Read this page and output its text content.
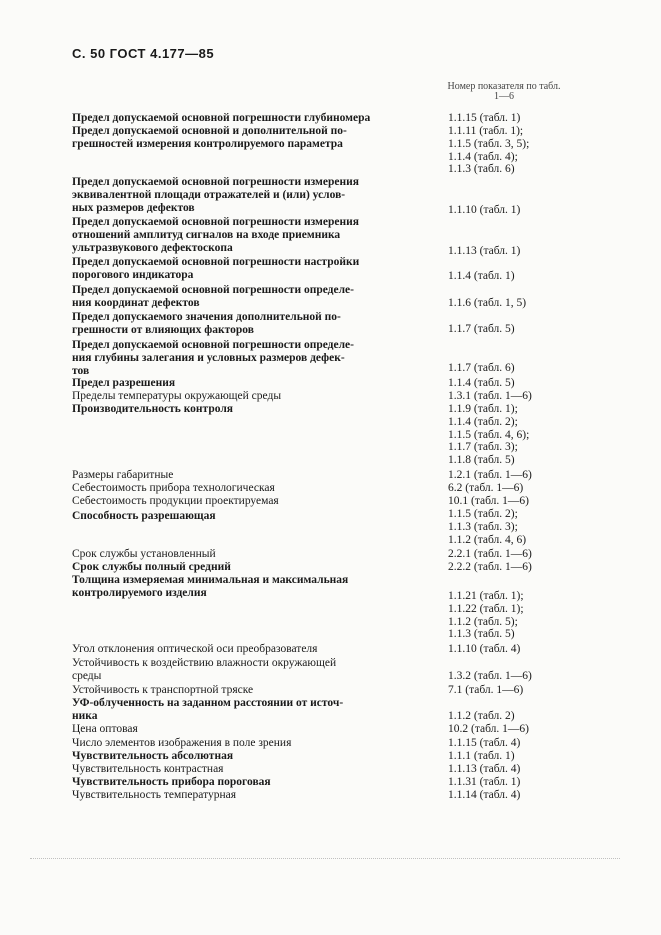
С. 50 ГОСТ 4.177—85
Номер показателя по табл.
1—6
Предел допускаемой основной погрешности глубиномера	1.1.15 (табл. 1)
Предел допускаемой основной и дополнительной по-
грешностей измерения контролируемого параметра
1.1.11 (табл. 1);
1.1.5 (табл. 3, 5);
1.1.4 (табл. 4);
1.1.3 (табл. 6)
Предел допускаемой основной погрешности измерения
эквивалентной площади отражателей и (или) услов-
ных размеров дефектов	1.1.10 (табл. 1)
Предел допускаемой основной погрешности измерения
отношений амплитуд сигналов на входе приемника
ультразвукового дефектоскопа	1.1.13 (табл. 1)
Предел допускаемой основной погрешности настройки
порогового индикатора	1.1.4 (табл. 1)
Предел допускаемой основной погрешности определе-
ния координат дефектов	1.1.6 (табл. 1, 5)
Предел допускаемого значения дополнительной по-
грешности от влияющих факторов	1.1.7 (табл. 5)
Предел допускаемой основной погрешности определе-
ния глубины залегания и условных размеров дефек-
тов	1.1.7 (табл. 6)
Предел разрешения	1.1.4 (табл. 5)
Пределы температуры окружающей среды	1.3.1 (табл. 1—6)
Производительность контроля	1.1.9 (табл. 1);
1.1.4 (табл. 2);
1.1.5 (табл. 4, 6);
1.1.7 (табл. 3);
1.1.8 (табл. 5)
Размеры габаритные	1.2.1 (табл. 1—6)
Себестоимость прибора технологическая	6.2 (табл. 1—6)
Себестоимость продукции проектируемая	10.1 (табл. 1—6)
Способность разрешающая	1.1.5 (табл. 2);
1.1.3 (табл. 3);
1.1.2 (табл. 4, 6)
Срок службы установленный	2.2.1 (табл. 1—6)
Срок службы полный средний	2.2.2 (табл. 1—6)
Толщина измеряемая минимальная и максимальная
контролируемого изделия	1.1.21 (табл. 1);
1.1.22 (табл. 1);
1.1.2 (табл. 5);
1.1.3 (табл. 5)
Угол отклонения оптической оси преобразователя	1.1.10 (табл. 4)
Устойчивость к воздействию влажности окружающей
среды	1.3.2 (табл. 1—6)
Устойчивость к транспортной тряске	7.1 (табл. 1—6)
УФ-облученность на заданном расстоянии от источ-
ника	1.1.2 (табл. 2)
Цена оптовая	10.2 (табл. 1—6)
Число элементов изображения в поле зрения	1.1.15 (табл. 4)
Чувствительность абсолютная	1.1.1 (табл. 1)
Чувствительность контрастная	1.1.13 (табл. 4)
Чувствительность прибора пороговая	1.1.31 (табл. 1)
Чувствительность температурная	1.1.14 (табл. 4)
